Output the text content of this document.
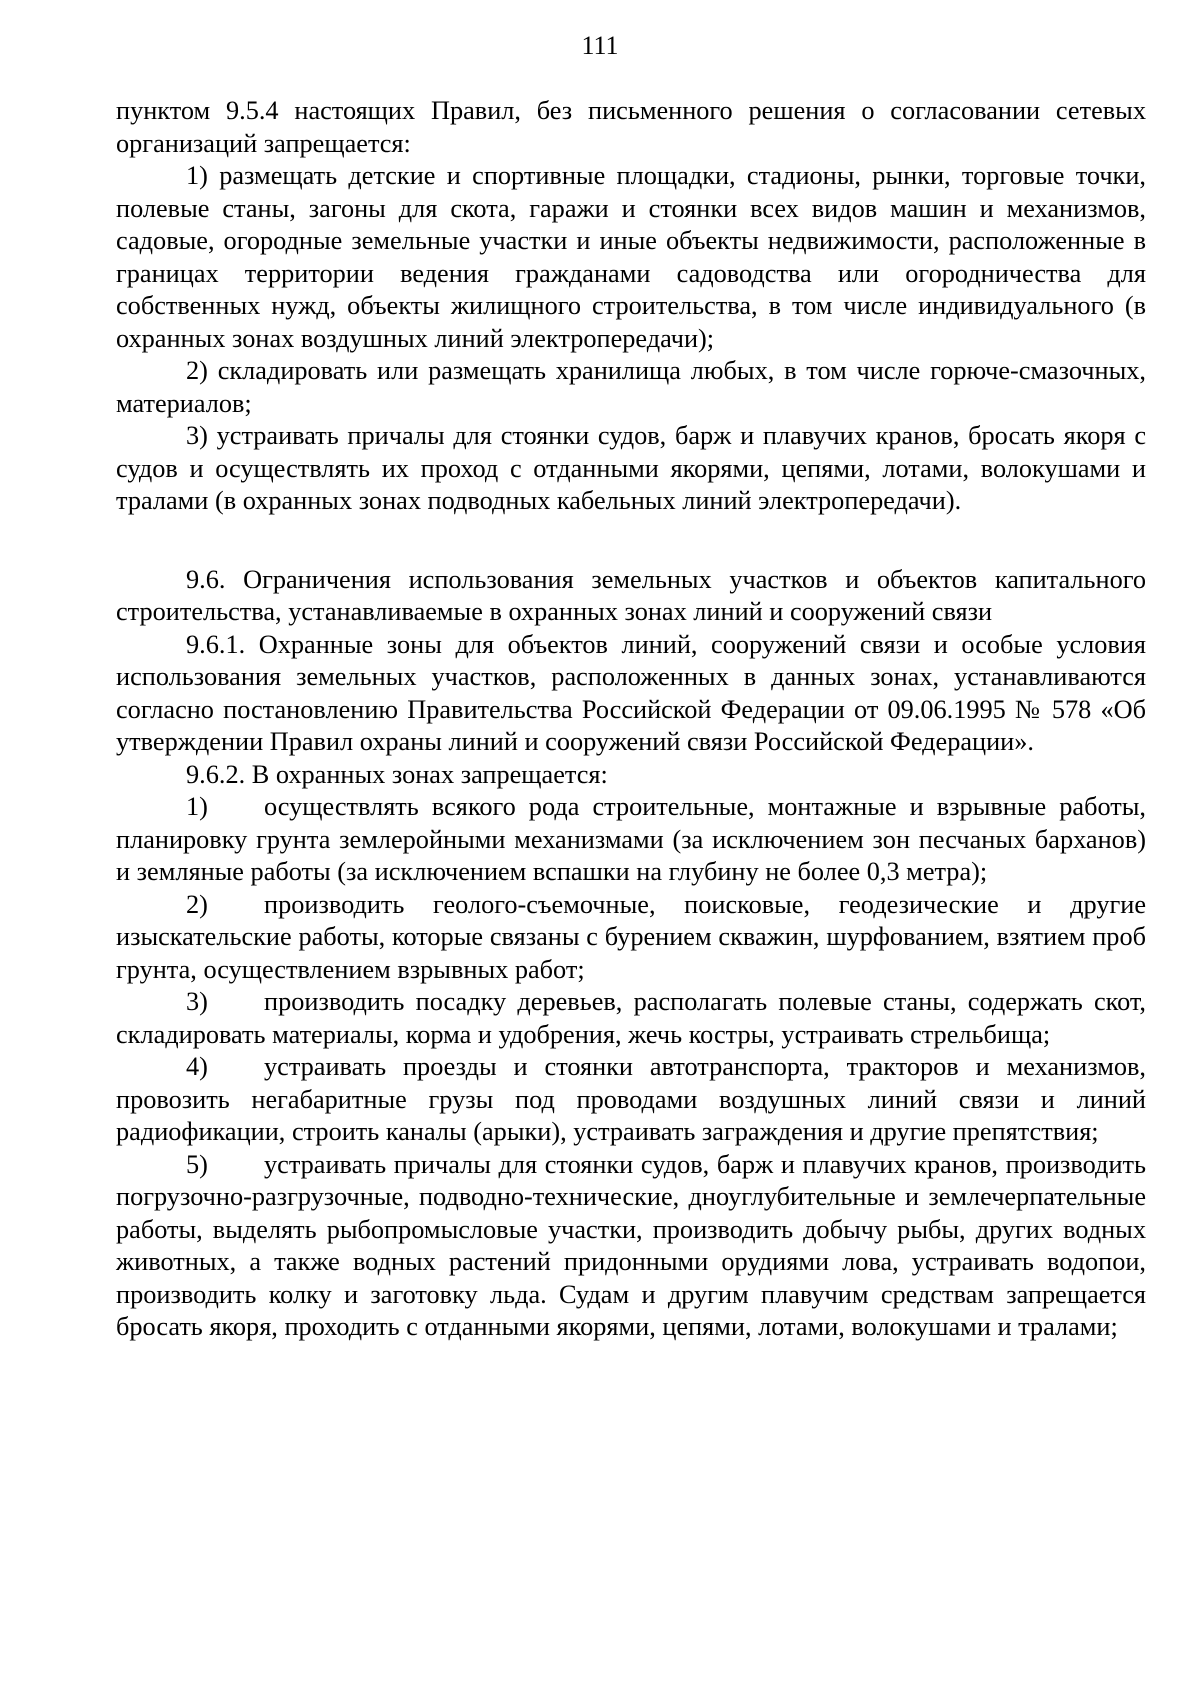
111

пунктом 9.5.4 настоящих Правил, без письменного решения о согласовании сетевых организаций запрещается:

1) размещать детские и спортивные площадки, стадионы, рынки, торговые точки, полевые станы, загоны для скота, гаражи и стоянки всех видов машин и механизмов, садовые, огородные земельные участки и иные объекты недвижимости, расположенные в границах территории ведения гражданами садоводства или огородничества для собственных нужд, объекты жилищного строительства, в том числе индивидуального (в охранных зонах воздушных линий электропередачи);

2) складировать или размещать хранилища любых, в том числе горюче-смазочных, материалов;

3) устраивать причалы для стоянки судов, барж и плавучих кранов, бросать якоря с судов и осуществлять их проход с отданными якорями, цепями, лотами, волокушами и тралами (в охранных зонах подводных кабельных линий электропередачи).

9.6. Ограничения использования земельных участков и объектов капитального строительства, устанавливаемые в охранных зонах линий и сооружений связи

9.6.1. Охранные зоны для объектов линий, сооружений связи и особые условия использования земельных участков, расположенных в данных зонах, устанавливаются согласно постановлению Правительства Российской Федерации от 09.06.1995 № 578 «Об утверждении Правил охраны линий и сооружений связи Российской Федерации».

9.6.2. В охранных зонах запрещается:

1) осуществлять всякого рода строительные, монтажные и взрывные работы, планировку грунта землеройными механизмами (за исключением зон песчаных барханов) и земляные работы (за исключением вспашки на глубину не более 0,3 метра);

2) производить геолого-съемочные, поисковые, геодезические и другие изыскательские работы, которые связаны с бурением скважин, шурфованием, взятием проб грунта, осуществлением взрывных работ;

3) производить посадку деревьев, располагать полевые станы, содержать скот, складировать материалы, корма и удобрения, жечь костры, устраивать стрельбища;

4) устраивать проезды и стоянки автотранспорта, тракторов и механизмов, провозить негабаритные грузы под проводами воздушных линий связи и линий радиофикации, строить каналы (арыки), устраивать заграждения и другие препятствия;

5) устраивать причалы для стоянки судов, барж и плавучих кранов, производить погрузочно-разгрузочные, подводно-технические, дноуглубительные и землечерпательные работы, выделять рыбопромысловые участки, производить добычу рыбы, других водных животных, а также водных растений придонными орудиями лова, устраивать водопои, производить колку и заготовку льда. Судам и другим плавучим средствам запрещается бросать якоря, проходить с отданными якорями, цепями, лотами, волокушами и тралами;
